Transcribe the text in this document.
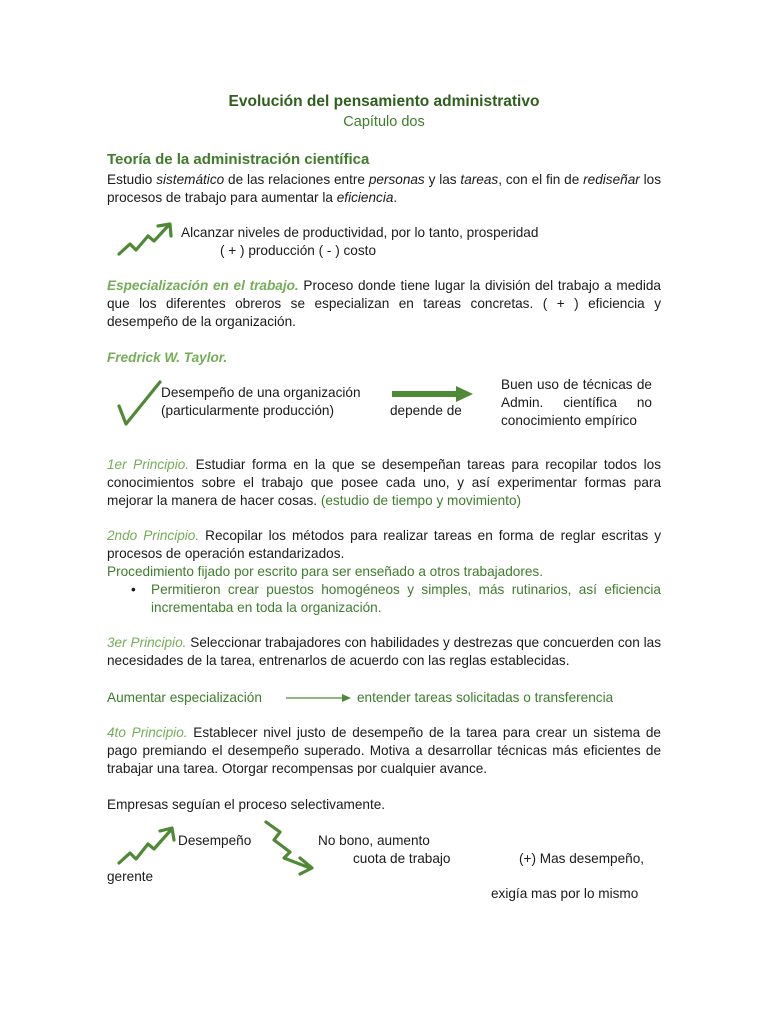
Evolución del pensamiento administrativo
Capítulo dos
Teoría de la administración científica
Estudio sistemático de las relaciones entre personas y las tareas, con el fin de rediseñar los procesos de trabajo para aumentar la eficiencia.
Alcanzar niveles de productividad, por lo tanto, prosperidad
( + ) producción ( - ) costo
Especialización en el trabajo. Proceso donde tiene lugar la división del trabajo a medida que los diferentes obreros se especializan en tareas concretas. ( + ) eficiencia y desempeño de la organización.
Fredrick W. Taylor.
Desempeño de una organización
(particularmente producción)	depende de
Buen uso de técnicas de Admin. científica no conocimiento empírico
1er Principio. Estudiar forma en la que se desempeñan tareas para recopilar todos los conocimientos sobre el trabajo que posee cada uno, y así experimentar formas para mejorar la manera de hacer cosas. (estudio de tiempo y movimiento)
2ndo Principio. Recopilar los métodos para realizar tareas en forma de reglar escritas y procesos de operación estandarizados.
Procedimiento fijado por escrito para ser enseñado a otros trabajadores.
• Permitieron crear puestos homogéneos y simples, más rutinarios, así eficiencia incrementaba en toda la organización.
3er Principio. Seleccionar trabajadores con habilidades y destrezas que concuerden con las necesidades de la tarea, entrenarlos de acuerdo con las reglas establecidas.
Aumentar especialización	entender tareas solicitadas o transferencia
4to Principio. Establecer nivel justo de desempeño de la tarea para crear un sistema de pago premiando el desempeño superado. Motiva a desarrollar técnicas más eficientes de trabajar una tarea. Otorgar recompensas por cualquier avance.
Empresas seguían el proceso selectivamente.
Desempeño
gerente
No bono, aumento
cuota de trabajo	(+) Mas desempeño,
exigía mas por lo mismo
